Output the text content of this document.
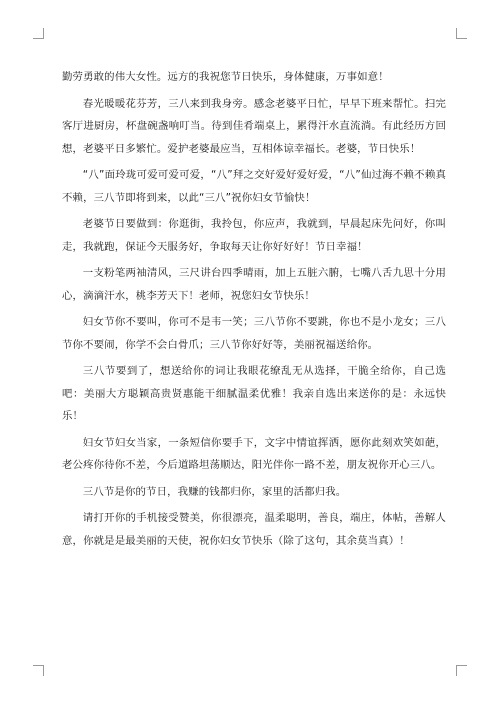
勤劳勇敢的伟大女性。远方的我祝您节日快乐，身体健康，万事如意！

春光暖暖花芬芳，三八来到我身旁。感念老婆平日忙，早早下班来帮忙。扫完客厅进厨房，杯盘碗盏响叮当。待到佳肴端桌上，累得汗水直流淌。有此经历方回想，老婆平日多繁忙。爱护老婆最应当，互相体谅幸福长。老婆，节日快乐！

“八”面玲珑可爱可爱可爱，“八”拜之交好爱好爱好爱，“八”仙过海不赖不赖真不赖，三八节即将到来，以此“三八”祝你妇女节愉快！

老婆节日要做到：你逛街，我拎包，你应声，我就到，早晨起床先问好，你叫走，我就跑，保证今天服务好，争取每天让你好好好！节日幸福！

一支粉笔两袖清风，三尺讲台四季晴雨，加上五脏六腑，七嘴八舌九思十分用心，滴滴汗水，桃李芳天下！老师，祝您妇女节快乐！

妇女节你不要叫，你可不是韦一笑；三八节你不要跳，你也不是小龙女；三八节你不要闹，你学不会白骨爪；三八节你好好等，美丽祝福送给你。

三八节要到了，想送给你的词让我眼花缭乱无从选择，干脆全给你，自己选吧：美丽大方聪颖高贵贤惠能干细腻温柔优雅！我亲自选出来送你的是：永远快乐！

妇女节妇女当家，一条短信你要手下，文字中情谊挥洒，愿你此刻欢笑如葩，老公疼你待你不差，今后道路坦荡顺达，阳光伴你一路不差，朋友祝你开心三八。

三八节是你的节日，我赚的钱都归你，家里的活都归我。

请打开你的手机接受赞美，你很漂亮，温柔聪明，善良，端庄，体帖，善解人意，你就是是最美丽的天使，祝你妇女节快乐（除了这句，其余莫当真）！
